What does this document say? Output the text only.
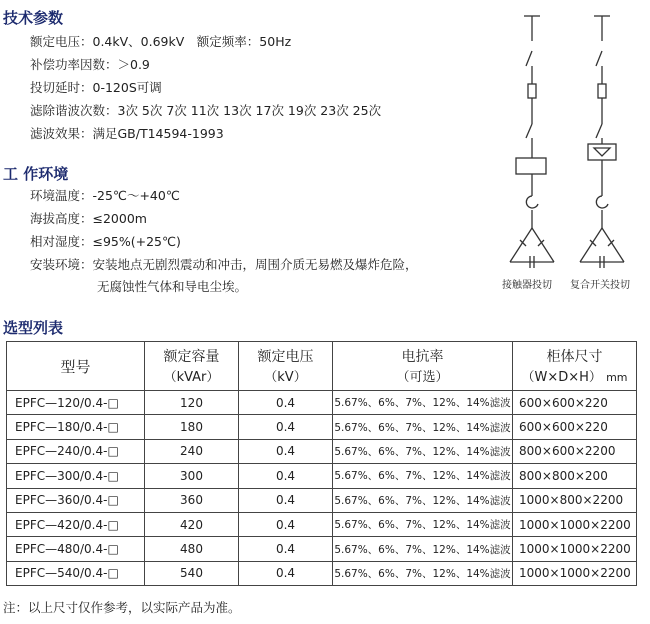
技术参数
额定电压：0.4kV、0.69kV　额定频率：50Hz
补偿功率因数：＞0.9
投切延时：0-120S可调
滤除谐波次数：3次 5次 7次 11次 13次 17次 19次 23次 25次
滤波效果：满足GB/T14594-1993
工 作环境
环境温度：-25℃～+40℃
海拔高度：≤2000m
相对湿度：≤95%(+25℃)
安装环境：安装地点无剧烈震动和冲击，周围介质无易燃及爆炸危险，
无腐蚀性气体和导电尘埃。	接触器投切 复合开关投切
选型列表
型号	额定容量	额定电压	电抗率	柜体尺寸
	（kVAr）	（kV）	（可选）	（W×D×H） mm
EPFC—120/0.4-□	120	0.4	5.67%、6%、7%、12%、14%滤波	600×600×220
EPFC—180/0.4-□	180	0.4	5.67%、6%、7%、12%、14%滤波	600×600×220
EPFC—240/0.4-□	240	0.4	5.67%、6%、7%、12%、14%滤波	800×600×2200
EPFC—300/0.4-□	300	0.4	5.67%、6%、7%、12%、14%滤波	800×800×200
EPFC—360/0.4-□	360	0.4	5.67%、6%、7%、12%、14%滤波	1000×800×2200
EPFC—420/0.4-□	420	0.4	5.67%、6%、7%、12%、14%滤波	1000×1000×2200
EPFC—480/0.4-□	480	0.4	5.67%、6%、7%、12%、14%滤波	1000×1000×2200
EPFC—540/0.4-□	540	0.4	5.67%、6%、7%、12%、14%滤波	1000×1000×2200
注：以上尺寸仅作参考，以实际产品为准。
